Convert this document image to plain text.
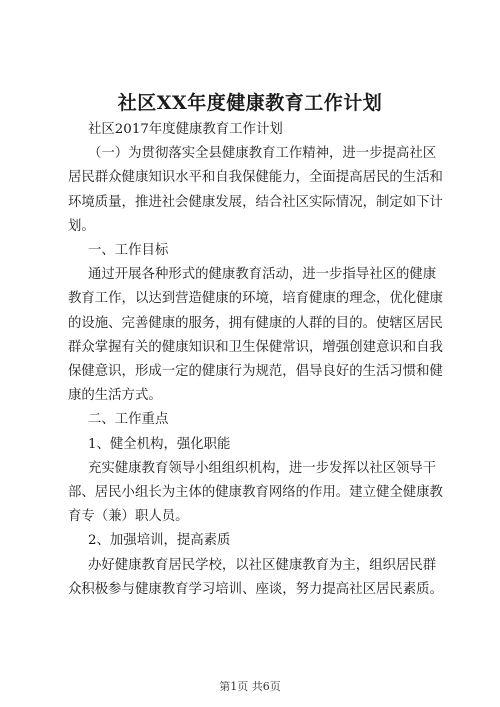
社区XX年度健康教育工作计划
社区2017年度健康教育工作计划
（一）为贯彻落实全县健康教育工作精神，进一步提高社区
居民群众健康知识水平和自我保健能力，全面提高居民的生活和
环境质量，推进社会健康发展，结合社区实际情况，制定如下计
划。
一、工作目标
通过开展各种形式的健康教育活动，进一步指导社区的健康
教育工作，以达到营造健康的环境，培育健康的理念，优化健康
的设施、完善健康的服务，拥有健康的人群的目的。使辖区居民
群众掌握有关的健康知识和卫生保健常识，增强创建意识和自我
保健意识，形成一定的健康行为规范，倡导良好的生活习惯和健
康的生活方式。
二、工作重点
1、健全机构，强化职能
充实健康教育领导小组组织机构，进一步发挥以社区领导干
部、居民小组长为主体的健康教育网络的作用。建立健全健康教
育专（兼）职人员。
2、加强培训，提高素质
办好健康教育居民学校，以社区健康教育为主，组织居民群
众积极参与健康教育学习培训、座谈，努力提高社区居民素质。
第1页 共6页
